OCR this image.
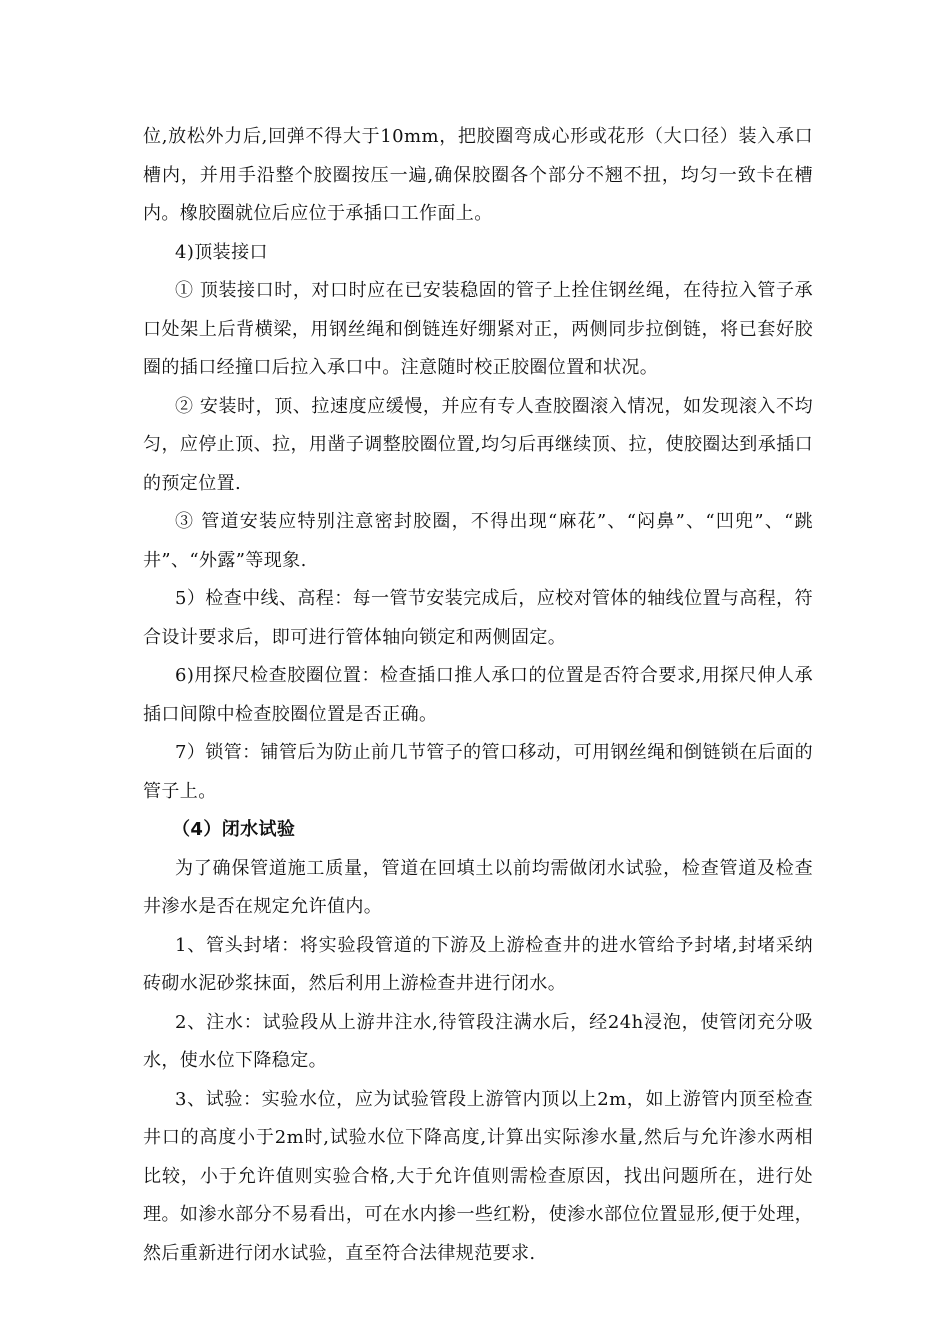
位,放松外力后,回弹不得大于10mm，把胶圈弯成心形或花形（大口径）装入承口槽内，并用手沿整个胶圈按压一遍,确保胶圈各个部分不翘不扭，均匀一致卡在槽内。橡胶圈就位后应位于承插口工作面上。

4)顶装接口

① 顶装接口时，对口时应在已安装稳固的管子上拴住钢丝绳，在待拉入管子承口处架上后背横梁，用钢丝绳和倒链连好绷紧对正，两侧同步拉倒链，将已套好胶圈的插口经撞口后拉入承口中。注意随时校正胶圈位置和状况。

② 安装时，顶、拉速度应缓慢，并应有专人查胶圈滚入情况，如发现滚入不均匀，应停止顶、拉，用凿子调整胶圈位置,均匀后再继续顶、拉，使胶圈达到承插口的预定位置.

③ 管道安装应特别注意密封胶圈，不得出现“麻花”、“闷鼻”、“凹兜”、“跳井”、“外露”等现象.

5）检查中线、高程：每一管节安装完成后，应校对管体的轴线位置与高程，符合设计要求后，即可进行管体轴向锁定和两侧固定。

6)用探尺检查胶圈位置：检查插口推人承口的位置是否符合要求,用探尺伸人承插口间隙中检查胶圈位置是否正确。

7）锁管：铺管后为防止前几节管子的管口移动，可用钢丝绳和倒链锁在后面的管子上。

（4）闭水试验

为了确保管道施工质量，管道在回填土以前均需做闭水试验，检查管道及检查井渗水是否在规定允许值内。

1、管头封堵：将实验段管道的下游及上游检查井的进水管给予封堵,封堵采纳砖砌水泥砂浆抹面，然后利用上游检查井进行闭水。

2、注水：试验段从上游井注水,待管段注满水后，经24h浸泡，使管闭充分吸水，使水位下降稳定。

3、试验：实验水位，应为试验管段上游管内顶以上2m，如上游管内顶至检查井口的高度小于2m时,试验水位下降高度,计算出实际渗水量,然后与允许渗水两相比较，小于允许值则实验合格,大于允许值则需检查原因，找出问题所在，进行处理。如渗水部分不易看出，可在水内掺一些红粉，使渗水部位位置显形,便于处理，然后重新进行闭水试验，直至符合法律规范要求.
